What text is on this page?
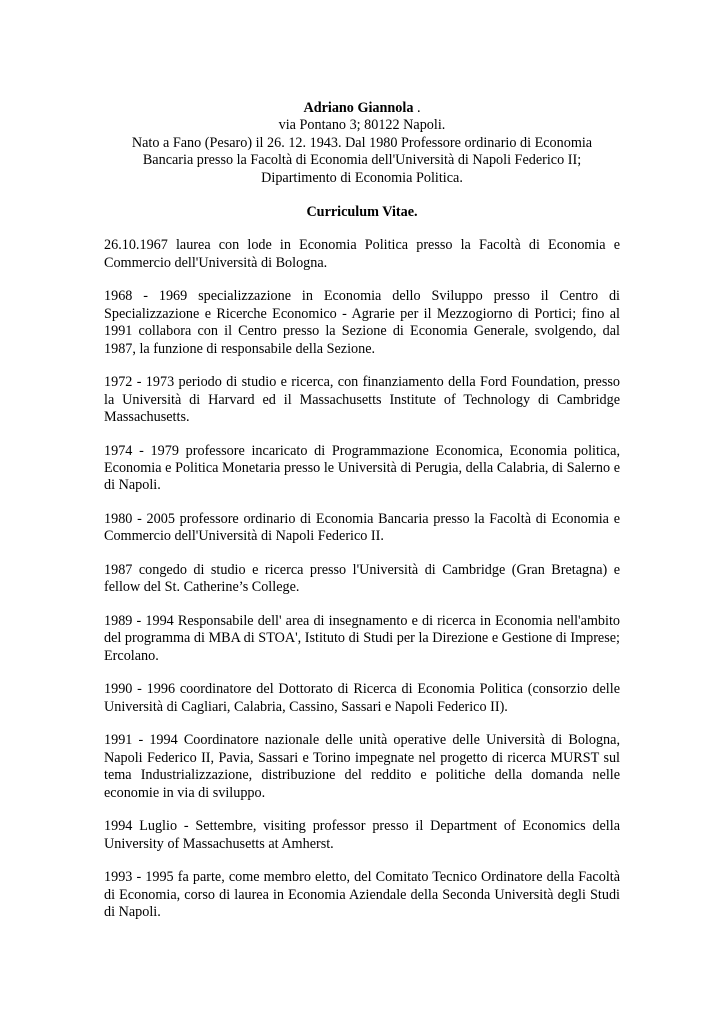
Adriano Giannola .
via Pontano 3; 80122 Napoli.
Nato a Fano (Pesaro) il 26. 12. 1943. Dal 1980 Professore ordinario di Economia
Bancaria presso la Facoltà di Economia dell'Università di Napoli Federico II;
Dipartimento di Economia Politica.
Curriculum Vitae.

26.10.1967 laurea con lode in Economia Politica presso la Facoltà di Economia e Commercio dell'Università di Bologna.

1968 - 1969 specializzazione in Economia dello Sviluppo presso il Centro di Specializzazione e Ricerche Economico - Agrarie per il Mezzogiorno di Portici; fino al 1991 collabora con il Centro presso la Sezione di Economia Generale, svolgendo, dal 1987, la funzione di responsabile della Sezione.

1972 - 1973 periodo di studio e ricerca, con finanziamento della Ford Foundation, presso la Università di Harvard ed il Massachusetts Institute of Technology di Cambridge Massachusetts.

1974 - 1979 professore incaricato di Programmazione Economica, Economia politica, Economia e Politica Monetaria presso le Università di Perugia, della Calabria, di Salerno e di Napoli.

1980 - 2005 professore ordinario di Economia Bancaria presso la Facoltà di Economia e Commercio dell'Università di Napoli Federico II.

1987 congedo di studio e ricerca presso l'Università di Cambridge (Gran Bretagna) e fellow del St. Catherine’s College.

1989 - 1994 Responsabile dell' area di insegnamento e di ricerca in Economia nell'ambito del programma di MBA di STOA', Istituto di Studi per la Direzione e Gestione di Imprese; Ercolano.

1990 - 1996 coordinatore del Dottorato di Ricerca di Economia Politica (consorzio delle Università di Cagliari, Calabria, Cassino, Sassari e Napoli Federico II).

1991 - 1994 Coordinatore nazionale delle unità operative delle Università di Bologna, Napoli Federico II, Pavia, Sassari e Torino impegnate nel progetto di ricerca MURST sul tema Industrializzazione, distribuzione del reddito e politiche della domanda nelle economie in via di sviluppo.

1994 Luglio - Settembre, visiting professor presso il Department of Economics della University of Massachusetts at Amherst.

1993 - 1995 fa parte, come membro eletto, del Comitato Tecnico Ordinatore della Facoltà di Economia, corso di laurea in Economia Aziendale della Seconda Università degli Studi di Napoli.
